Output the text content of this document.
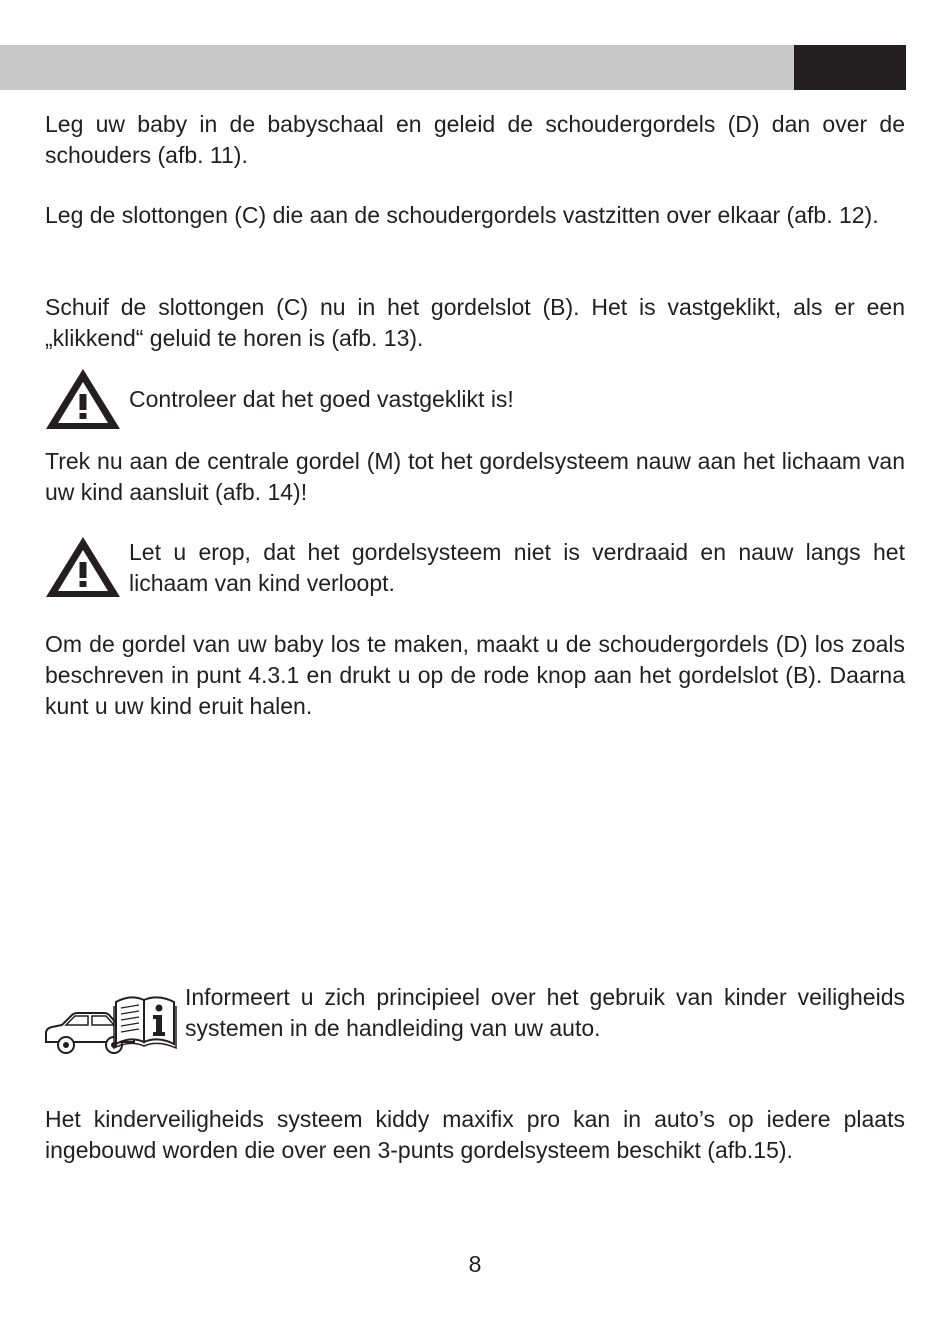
Leg uw baby in de babyschaal en geleid de schoudergordels (D) dan over de schouders (afb. 11).

Leg de slottongen (C) die aan de schoudergordels vastzitten over elkaar (afb. 12).

Schuif de slottongen (C) nu in het gordelslot (B). Het is vastgeklikt, als er een „klikkend“ geluid te horen is (afb. 13).

Controleer dat het goed vastgeklikt is!

Trek nu aan de centrale gordel (M) tot het gordelsysteem nauw aan het lichaam van uw kind aansluit (afb. 14)!

Let u erop, dat het gordelsysteem niet is verdraaid en nauw langs het lichaam van kind verloopt.

Om de gordel van uw baby los te maken, maakt u de schoudergordels (D) los zoals beschreven in punt 4.3.1 en drukt u op de rode knop aan het gordelslot (B). Daarna kunt u uw kind eruit halen.

Informeert u zich principieel over het gebruik van kinder veiligheids systemen in de handleiding van uw auto.

Het kinderveiligheids systeem kiddy maxifix pro kan in auto’s op iedere plaats ingebouwd worden die over een 3-punts gordelsysteem beschikt (afb.15).

8
